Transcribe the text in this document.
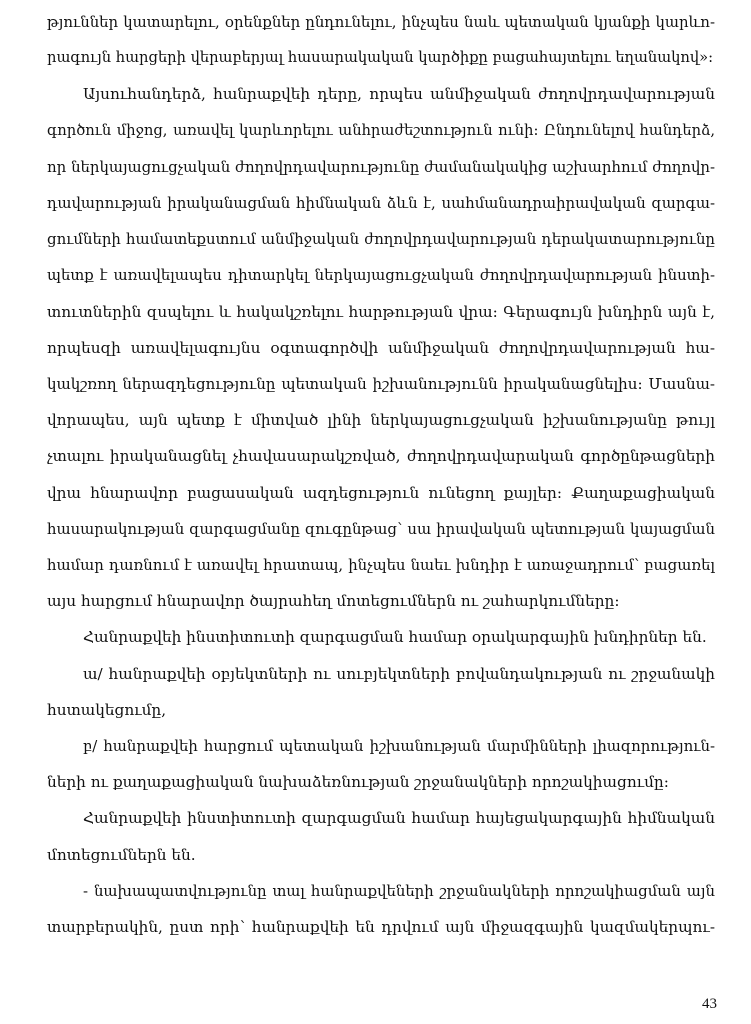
թյուններ կատարելու, օրենքներ ընդունելու, ինչպես նաև պետական կյանքի կարևո-
րագույն հարցերի վերաբերյալ հասարակական կարծիքը բացահայտելու եղանակով»:
Այսուհանդերձ, հանրաքվեի դերը, որպես անմիջական ժողովրդավարության
գործուն միջոց, առավել կարևորելու անհրաժեշտություն ունի: Ընդունելով հանդերձ,
որ ներկայացուցչական ժողովրդավարությունը ժամանակակից աշխարհում ժողովր-
դավարության իրականացման հիմնական ձևն է, սահմանադրաիրավական զարգա-
ցումների համատեքստում անմիջական ժողովրդավարության դերակատարությունը
պետք է առավելապես դիտարկել ներկայացուցչական ժողովրդավարության ինստի-
տուտներին զսպելու և հակակշռելու հարթության վրա: Գերագույն խնդիրն այն է,
որպեսզի առավելագույնս օգտագործվի անմիջական ժողովրդավարության հա-
կակշռող ներազդեցությունը պետական իշխանությունն իրականացնելիս: Մասնա-
վորապես, այն պետք է միտված լինի ներկայացուցչական իշխանությանը թույլ
չտալու իրականացնել չհավասարակշռված, ժողովրդավարական գործընթացների
վրա հնարավոր բացասական ազդեցություն ունեցող քայլեր: Քաղաքացիական
հասարակության զարգացմանը զուգընթաց՝ սա իրավական պետության կայացման
համար դառնում է առավել հրատապ, ինչպես նաեւ խնդիր է առաջադրում՝ բացառել
այս հարցում հնարավոր ծայրահեղ մոտեցումներն ու շահարկումները:
Հանրաքվեի ինստիտուտի զարգացման համար օրակարգային խնդիրներ են.
ա/ հանրաքվեի օբյեկտների ու սուբյեկտների բովանդակության ու շրջանակի
հստակեցումը,
բ/ հանրաքվեի հարցում պետական իշխանության մարմինների լիազորություն-
ների ու քաղաքացիական նախաձեռնության շրջանակների որոշակիացումը:
Հանրաքվեի ինստիտուտի զարգացման համար հայեցակարգային հիմնական
մոտեցումներն են.
- նախապատվությունը տալ հանրաքվեների շրջանակների որոշակիացման այն
տարբերակին, ըստ որի՝ հանրաքվեի են դրվում այն միջազգային կազմակերպու-
43
